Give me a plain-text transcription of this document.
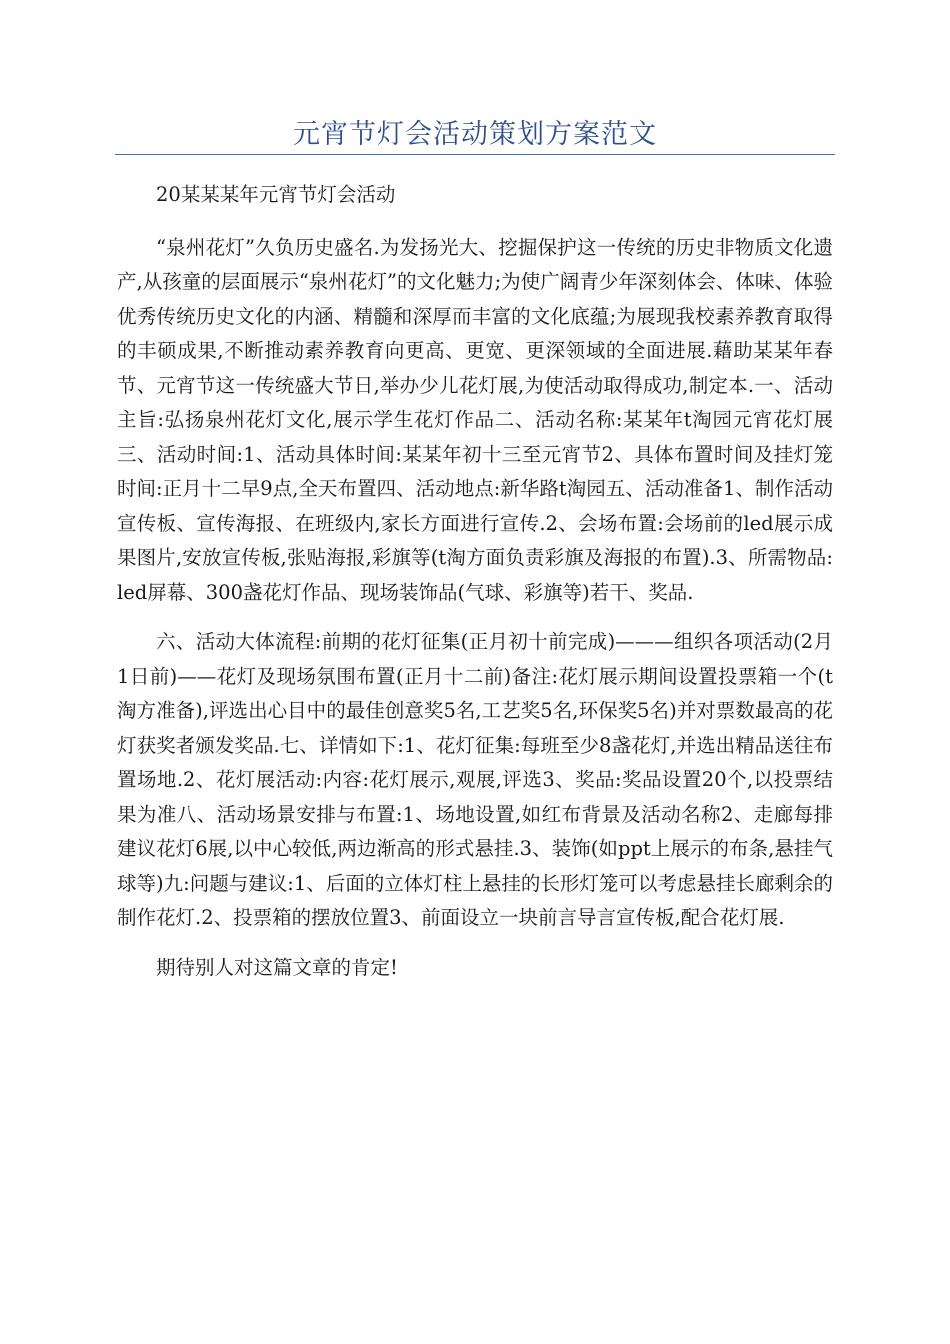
元宵节灯会活动策划方案范文

20某某某年元宵节灯会活动

“泉州花灯”久负历史盛名.为发扬光大、挖掘保护这一传统的历史非物质文化遗产,从孩童的层面展示“泉州花灯”的文化魅力;为使广阔青少年深刻体会、体味、体验优秀传统历史文化的内涵、精髓和深厚而丰富的文化底蕴;为展现我校素养教育取得的丰硕成果,不断推动素养教育向更高、更宽、更深领域的全面进展.藉助某某年春节、元宵节这一传统盛大节日,举办少儿花灯展,为使活动取得成功,制定本.一、活动主旨:弘扬泉州花灯文化,展示学生花灯作品二、活动名称:某某年t淘园元宵花灯展三、活动时间:1、活动具体时间:某某年初十三至元宵节2、具体布置时间及挂灯笼时间:正月十二早9点,全天布置四、活动地点:新华路t淘园五、活动准备1、制作活动宣传板、宣传海报、在班级内,家长方面进行宣传.2、会场布置:会场前的led展示成果图片,安放宣传板,张贴海报,彩旗等(t淘方面负责彩旗及海报的布置).3、所需物品:led屏幕、300盏花灯作品、现场装饰品(气球、彩旗等)若干、奖品.

六、活动大体流程:前期的花灯征集(正月初十前完成)———组织各项活动(2月1日前)——花灯及现场氛围布置(正月十二前)备注:花灯展示期间设置投票箱一个(t淘方准备),评选出心目中的最佳创意奖5名,工艺奖5名,环保奖5名)并对票数最高的花灯获奖者颁发奖品.七、详情如下:1、花灯征集:每班至少8盏花灯,并选出精品送往布置场地.2、花灯展活动:内容:花灯展示,观展,评选3、奖品:奖品设置20个,以投票结果为准八、活动场景安排与布置:1、场地设置,如红布背景及活动名称2、走廊每排建议花灯6展,以中心较低,两边渐高的形式悬挂.3、装饰(如ppt上展示的布条,悬挂气球等)九:问题与建议:1、后面的立体灯柱上悬挂的长形灯笼可以考虑悬挂长廊剩余的制作花灯.2、投票箱的摆放位置3、前面设立一块前言导言宣传板,配合花灯展.

期待别人对这篇文章的肯定!
